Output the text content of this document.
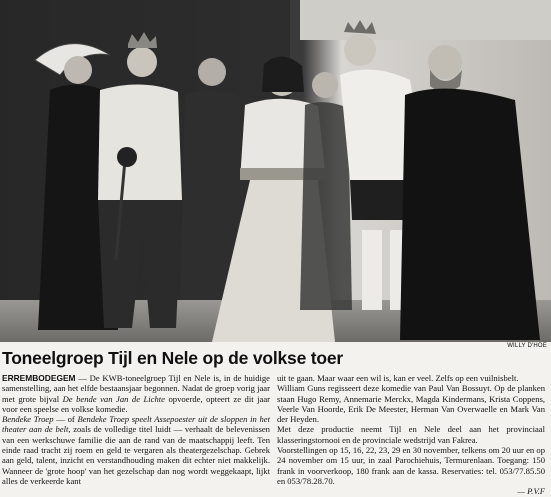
WILLY D'HOE
Toneelgroep Tijl en Nele op de volkse toer

ERREMBODEGEM — De KWB-toneelgroep Tijl en Nele is, in de huidige samenstelling, aan het elfde bestaansjaar begonnen. Nadat de groep vorig jaar met grote bijval De bende van Jan de Lichte opvoerde, opteert ze dit jaar voor een speelse en volkse komedie.

Bendeke Troep — of Bendeke Troep speelt Assepoester uit de sloppen in het theater aan de belt, zoals de volledige titel luidt — verhaalt de belevenissen van een werkschuwe familie die aan de rand van de maatschappij leeft. Ten einde raad tracht zij roem en geld te vergaren als theatergezelschap. Gebrek aan geld, talent, inzicht en verstandhouding maken dit echter niet makkelijk. Wanneer de 'grote hoop' van het gezelschap dan nog wordt weggekaapt, lijkt alles de verkeerde kant

uit te gaan. Maar waar een wil is, kan er veel. Zelfs op een vuilnisbelt.

William Guns regisseert deze komedie van Paul Van Bossuyt. Op de planken staan Hugo Remy, Annemarie Merckx, Magda Kindermans, Krista Coppens, Veerle Van Hoorde, Erik De Meester, Herman Van Overwaelle en Mark Van der Heyden.

Met deze productie neemt Tijl en Nele deel aan het provinciaal klasseringstornooi en de provinciale wedstrijd van Fakrea.

Voorstellingen op 15, 16, 22, 23, 29 en 30 november, telkens om 20 uur en op 24 november om 15 uur, in zaal Parochiehuis, Termurenlaan. Toegang: 150 frank in voorverkoop, 180 frank aan de kassa. Reservaties: tel. 053/77.85.50 en 053/78.28.70.

— P.V.F
